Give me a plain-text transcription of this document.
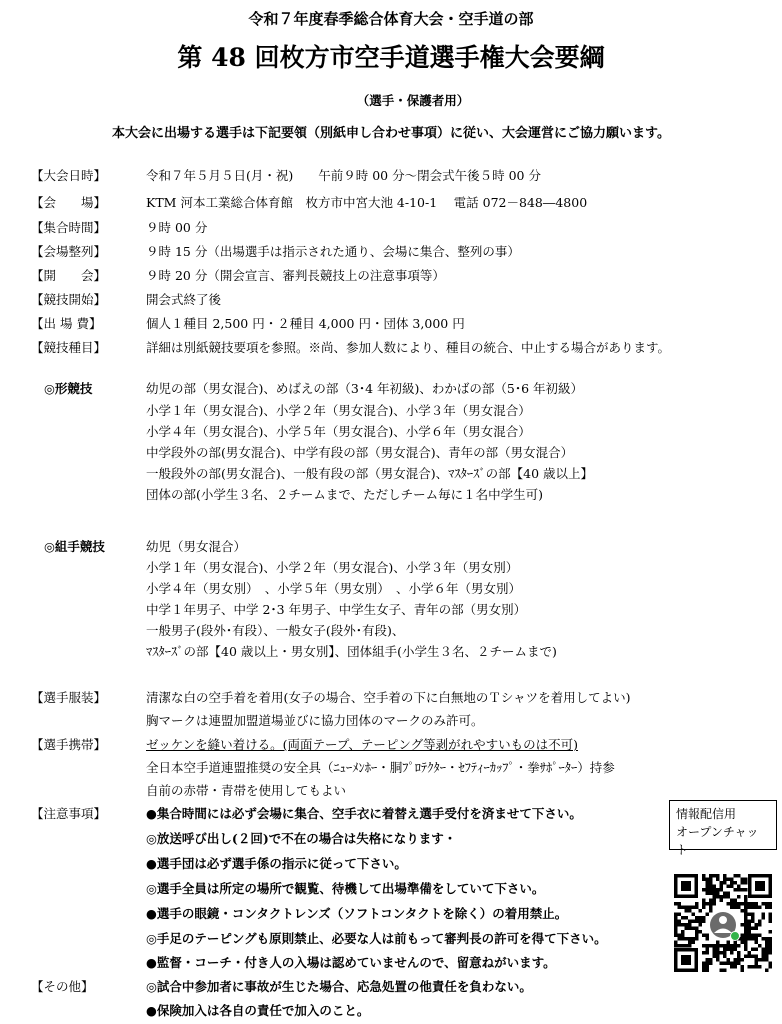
令和７年度春季総合体育大会・空手道の部
第 48 回枚方市空手道選手権大会要綱
（選手・保護者用）
本大会に出場する選手は下記要領（別紙申し合わせ事項）に従い、大会運営にご協力願います。
【大会日時】	令和７年５月５日(月・祝)　　午前９時 00 分～閉会式午後５時 00 分
【会　　場】	KTM 河本工業総合体育館　枚方市中宮大池 4-10-1　 電話 072－848―4800
【集合時間】	９時 00 分
【会場整列】	９時 15 分（出場選手は指示された通り、会場に集合、整列の事）
【開　　会】	９時 20 分（開会宣言、審判長競技上の注意事項等）
【競技開始】	開会式終了後
【出 場 費】	個人１種目 2,500 円・２種目 4,000 円・団体 3,000 円
【競技種目】	詳細は別紙競技要項を参照。※尚、参加人数により、種目の統合、中止する場合があります。
◎形競技	幼児の部（男女混合)、めばえの部（3･4 年初級)、わかばの部（5･6 年初級）
小学１年（男女混合)、小学２年（男女混合)、小学３年（男女混合）
小学４年（男女混合)、小学５年（男女混合)、小学６年（男女混合）
中学段外の部(男女混合)、中学有段の部（男女混合)、青年の部（男女混合）
一般段外の部(男女混合)、一般有段の部（男女混合)、ﾏｽﾀｰｽﾞの部【40 歳以上】
団体の部(小学生３名、２チームまで、ただしチーム毎に１名中学生可)
◎組手競技	幼児（男女混合）
小学１年（男女混合)、小学２年（男女混合)、小学３年（男女別）
小学４年（男女別）　、小学５年（男女別）　、小学６年（男女別）
中学１年男子、中学 2･3 年男子、中学生女子、青年の部（男女別）
一般男子(段外･有段）、一般女子(段外･有段)、
ﾏｽﾀｰｽﾞの部【40 歳以上・男女別】、団体組手(小学生３名、２チームまで)
【選手服装】	清潔な白の空手着を着用(女子の場合、空手着の下に白無地のＴシャツを着用してよい)
胸マークは連盟加盟道場並びに協力団体のマークのみ許可。
【選手携帯】	ゼッケンを縫い着ける。(両面テープ、テーピング等剥がれやすいものは不可)
全日本空手道連盟推奨の安全具（ﾆｭｰﾒﾝﾎｰ・胴ﾌﾟﾛﾃｸﾀｰ・ｾﾌﾃｨｰｶｯﾌﾟ・拳ｻﾎﾟｰﾀｰ）持参
自前の赤帯・青帯を使用してもよい
【注意事項】	●集合時間には必ず会場に集合、空手衣に着替え選手受付を済ませて下さい。
◎放送呼び出し(２回)で不在の場合は失格になります・
●選手団は必ず選手係の指示に従って下さい。
◎選手全員は所定の場所で観覧、待機して出場準備をしていて下さい。
●選手の眼鏡・コンタクトレンズ（ソフトコンタクトを除く）の着用禁止。
◎手足のテーピングも原則禁止、必要な人は前もって審判長の許可を得て下さい。
●監督・コーチ・付き人の入場は認めていませんので、留意ねがいます。
【その他】	◎試合中参加者に事故が生じた場合、応急処置の他責任を負わない。
●保険加入は各自の責任で加入のこと。
情報配信用
オープンチャット
